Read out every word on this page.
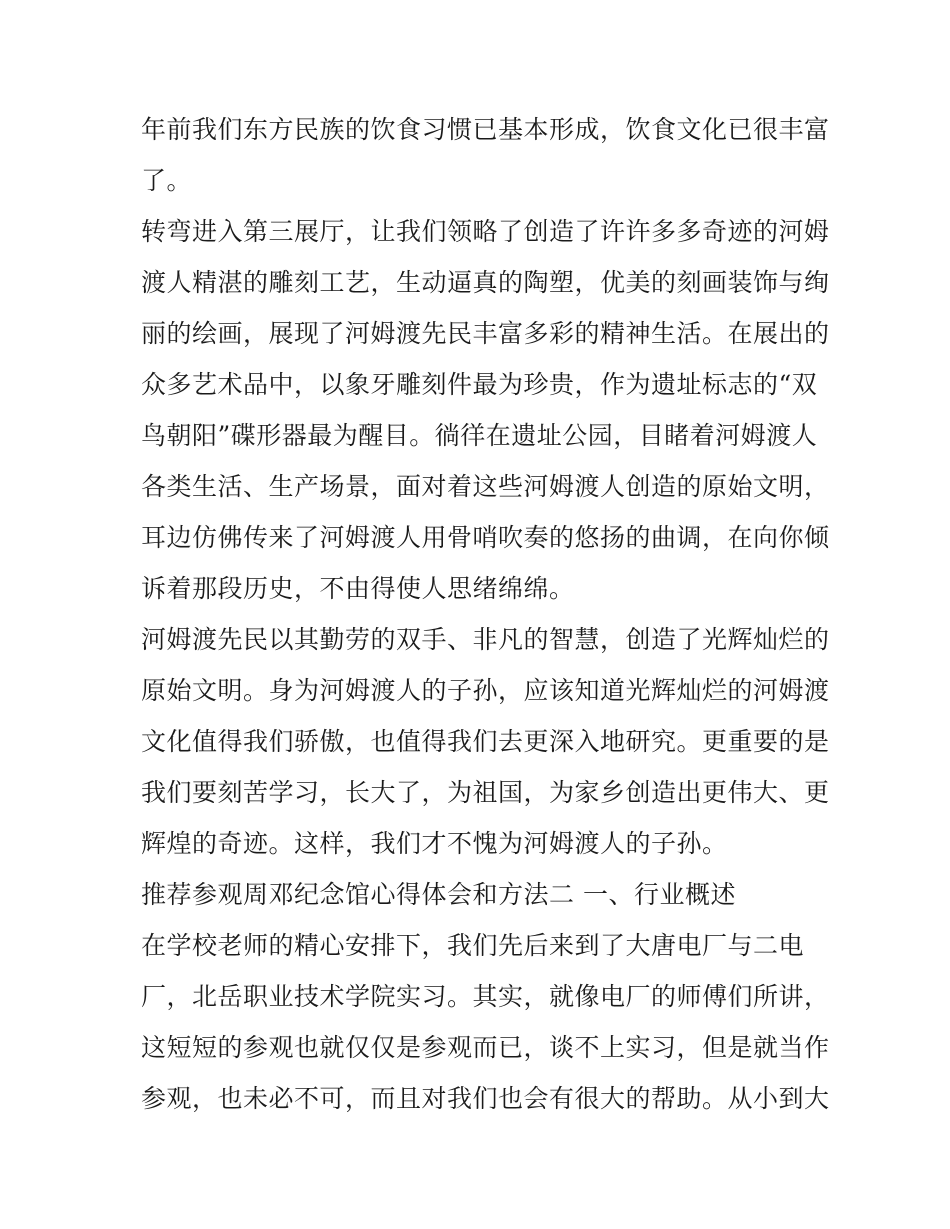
年前我们东方民族的饮食习惯已基本形成，饮食文化已很丰富
了。
转弯进入第三展厅，让我们领略了创造了许许多多奇迹的河姆
渡人精湛的雕刻工艺，生动逼真的陶塑，优美的刻画装饰与绚
丽的绘画，展现了河姆渡先民丰富多彩的精神生活。在展出的
众多艺术品中，以象牙雕刻件最为珍贵，作为遗址标志的“双
鸟朝阳”碟形器最为醒目。徜徉在遗址公园，目睹着河姆渡人
各类生活、生产场景，面对着这些河姆渡人创造的原始文明，
耳边仿佛传来了河姆渡人用骨哨吹奏的悠扬的曲调，在向你倾
诉着那段历史，不由得使人思绪绵绵。
河姆渡先民以其勤劳的双手、非凡的智慧，创造了光辉灿烂的
原始文明。身为河姆渡人的子孙，应该知道光辉灿烂的河姆渡
文化值得我们骄傲，也值得我们去更深入地研究。更重要的是
我们要刻苦学习，长大了，为祖国，为家乡创造出更伟大、更
辉煌的奇迹。这样，我们才不愧为河姆渡人的子孙。
推荐参观周邓纪念馆心得体会和方法二 一、行业概述
在学校老师的精心安排下，我们先后来到了大唐电厂与二电
厂，北岳职业技术学院实习。其实，就像电厂的师傅们所讲，
这短短的参观也就仅仅是参观而已，谈不上实习，但是就当作
参观，也未必不可，而且对我们也会有很大的帮助。从小到大
